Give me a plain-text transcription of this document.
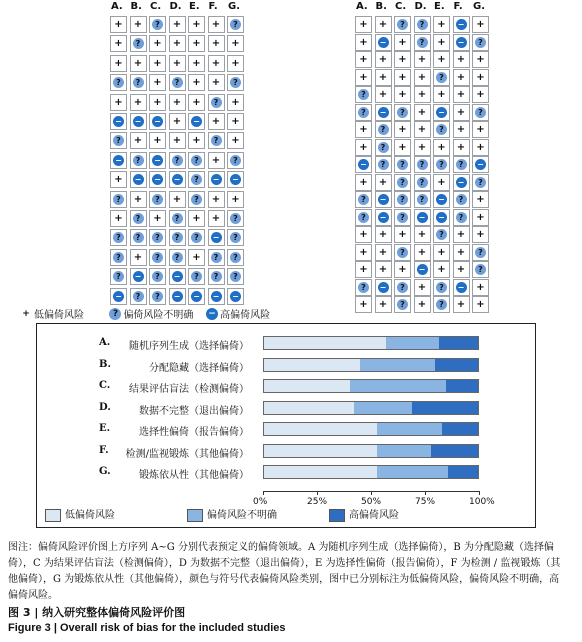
A. B. C. D. E. F. G.
+ +	?	+ + +	?
+	?	+ + + + +
+ + + + + + +
?	?	+	?	+ +	?
+ + + + +	?	+
− − − + − + +
?	+ + + +	?	+
−	?	−	?	?	+	?
+ − − −	?	− −
?	+	?	+	?	+ +
+	?	+	?	+ +	?
?	?	?	?	?	−	?
?	+	?	?	+	?	?
?	−	?	−	?	?	?
−	?	?	− − − −
A. B. C. D. E. F. G.
+ +	?	?	+ − +
+ − +	?	+ −	?
+ + + + + + +
+ + + +	?	+ +
?	+ + + + + +
?	−	?	+ − +	?
+	?	+ +	?	+ +
+	?	+ + + + +
−	?	?	?	?	?	−
+ +	?	?	+ −	?
?	−	?	?	−	?	+
?	−	?	− −	?	+
+ + + +	?	+ +
+ +	?	+ + +	?
+ + + − + +	?
?	−	?	+	?	− +
+ +	?	+	?	+ +
+ 低偏倚风险	? 偏倚风险不明确 − 高偏倚风险
A. 随机序列生成（选择偏倚）
B.	分配隐藏（选择偏倚）
C. 结果评估盲法（检测偏倚）
D.	数据不完整（退出偏倚）
E.	选择性偏倚（报告偏倚）
F. 检测/监视锻炼（其他偏倚）
G.	锻炼依从性（其他偏倚）
0%	25%	50%	75%	100%
低偏倚风险	偏倚风险不明确	高偏倚风险
图注：偏倚风险评价图上方序列 A~G 分别代表预定义的偏倚领域。A 为随机序列生成（选择偏倚），B 为分配隐藏（选择偏倚），C 为结果评估盲法（检测偏倚），D 为数据不完整（退出偏倚），E 为选择性偏倚（报告偏倚），F 为检测 / 监视锻炼（其他偏倚），G 为锻炼依从性（其他偏倚），颜色与符号代表偏倚风险类别，图中已分别标注为低偏倚风险，偏倚风险不明确，高偏倚风险。
图 3 | 纳入研究整体偏倚风险评价图
Figure 3 | Overall risk of bias for the included studies
